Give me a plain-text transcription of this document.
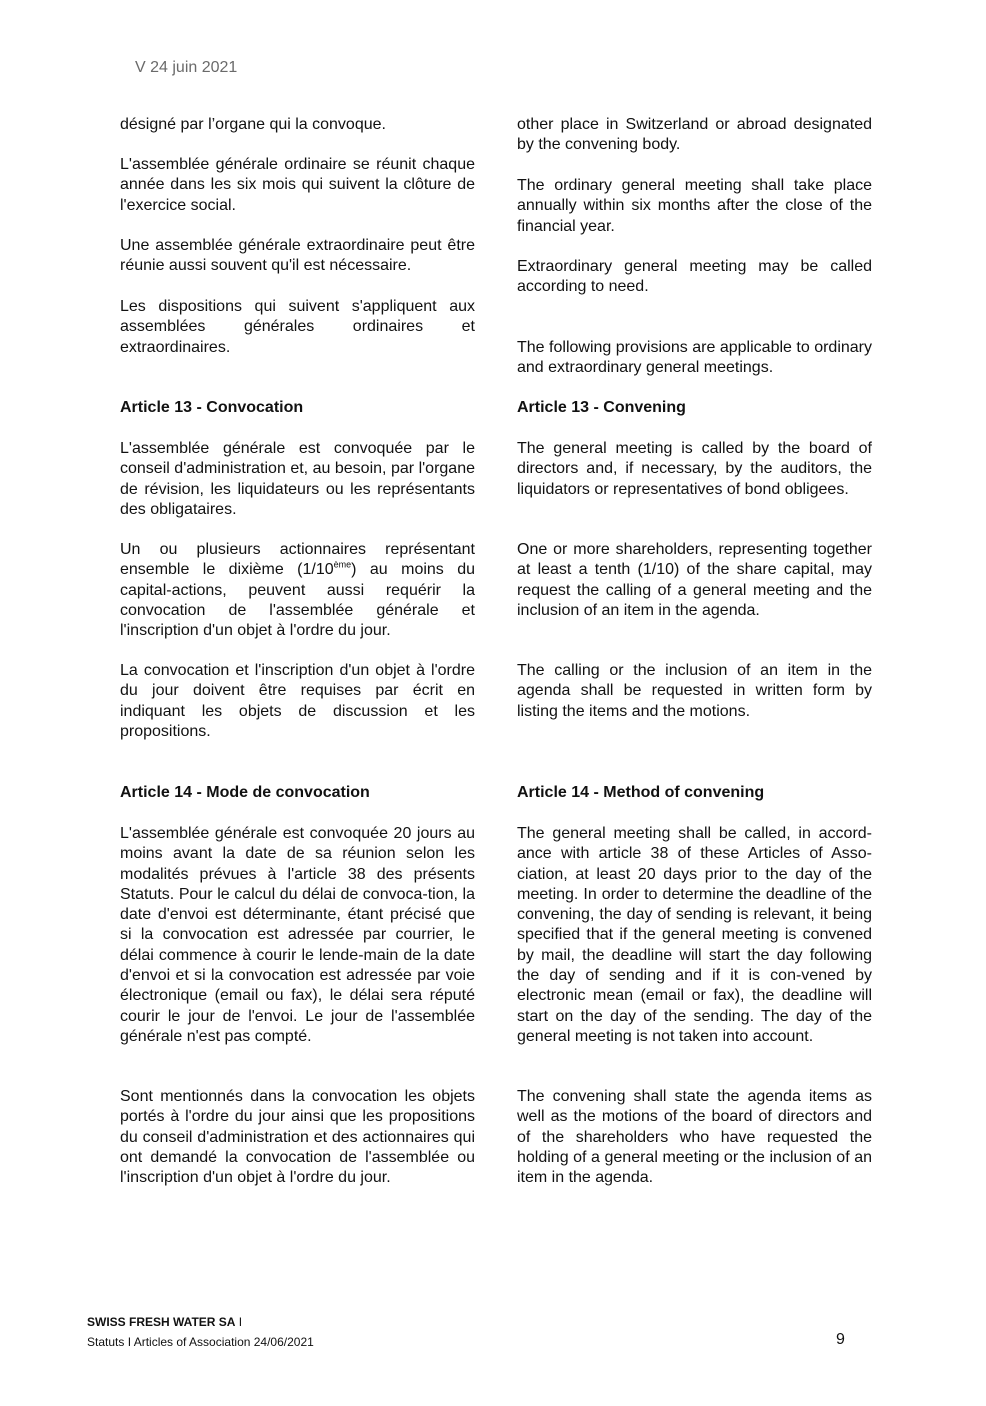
V 24 juin 2021

désigné par l’organe qui la convoque.

L'assemblée générale ordinaire se réunit chaque année dans les six mois qui suivent la clôture de l'exercice social.

Une assemblée générale extraordinaire peut être réunie aussi souvent qu'il est nécessaire.

Les dispositions qui suivent s'appliquent aux assemblées générales ordinaires et extraordinaires.

Article 13 - Convocation

L'assemblée générale est convoquée par le conseil d'administration et, au besoin, par l'organe de révision, les liquidateurs ou les représentants des obligataires.

Un ou plusieurs actionnaires représentant ensemble le dixième (1/10ème) au moins du capital-actions, peuvent aussi requérir la convocation de l'assemblée générale et l'inscription d'un objet à l'ordre du jour.

La convocation et l'inscription d'un objet à l'ordre du jour doivent être requises par écrit en indiquant les objets de discussion et les propositions.

Article 14 - Mode de convocation

L'assemblée générale est convoquée 20 jours au moins avant la date de sa réunion selon les modalités prévues à l'article 38 des présents Statuts. Pour le calcul du délai de convoca-tion, la date d'envoi est déterminante, étant précisé que si la convocation est adressée par courrier, le délai commence à courir le lende-main de la date d'envoi et si la convocation est adressée par voie électronique (email ou fax), le délai sera réputé courir le jour de l'envoi. Le jour de l'assemblée générale n'est pas compté.

Sont mentionnés dans la convocation les objets portés à l'ordre du jour ainsi que les propositions du conseil d'administration et des actionnaires qui ont demandé la convocation de l'assemblée ou l'inscription d'un objet à l'ordre du jour.

other place in Switzerland or abroad designated by the convening body.

The ordinary general meeting shall take place annually within six months after the close of the financial year.

Extraordinary general meeting may be called according to need.

The following provisions are applicable to ordinary and extraordinary general meetings.

Article 13 - Convening

The general meeting is called by the board of directors and, if necessary, by the auditors, the liquidators or representatives of bond obligees.

One or more shareholders, representing together at least a tenth (1/10) of the share capital, may request the calling of a general meeting and the inclusion of an item in the agenda.

The calling or the inclusion of an item in the agenda shall be requested in written form by listing the items and the motions.

Article 14 - Method of convening

The general meeting shall be called, in accord-ance with article 38 of these Articles of Asso-ciation, at least 20 days prior to the day of the meeting. In order to determine the deadline of the convening, the day of sending is relevant, it being specified that if the general meeting is convened by mail, the deadline will start the day following the day of sending and if it is con-vened by electronic mean (email or fax), the deadline will start on the day of the sending. The day of the general meeting is not taken into account.

The convening shall state the agenda items as well as the motions of the board of directors and of the shareholders who have requested the holding of a general meeting or the inclusion of an item in the agenda.

SWISS FRESH WATER SA I
Statuts I Articles of Association 24/06/2021	9
